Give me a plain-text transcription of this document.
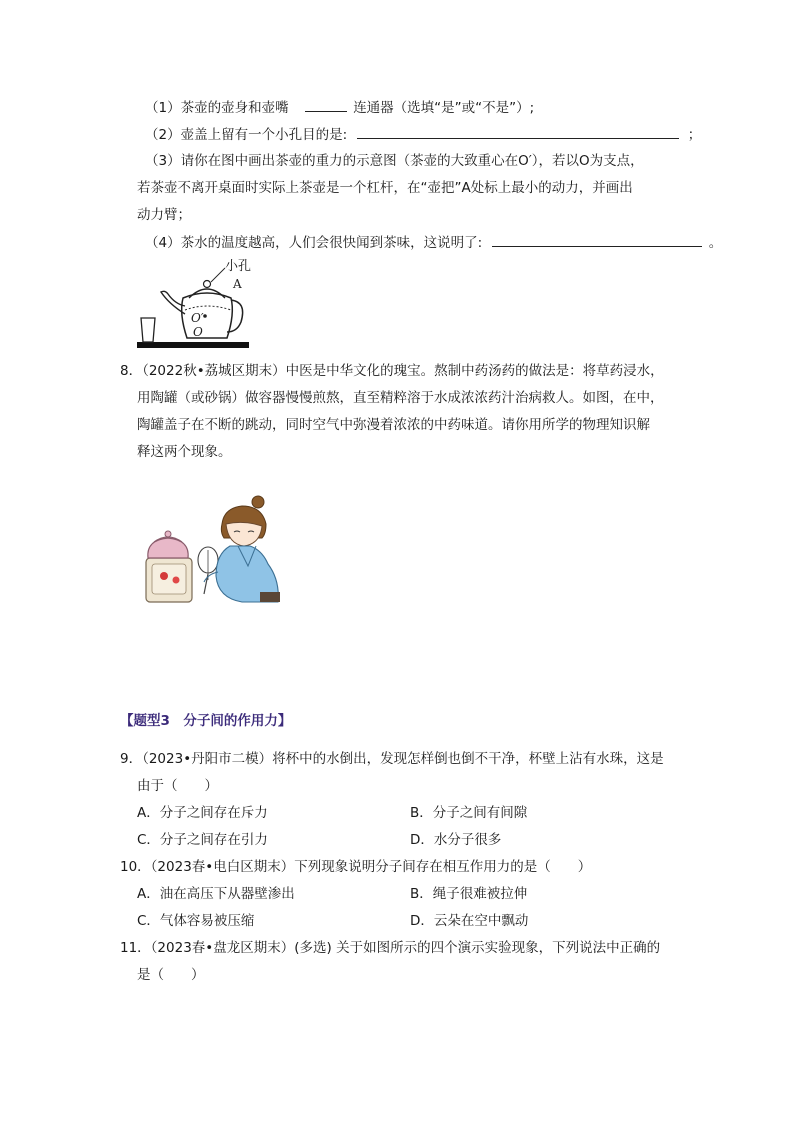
（1）茶壶的壶身和壶嘴	连通器（选填“是”或“不是”）;
（2）壶盖上留有一个小孔目的是:	；
（3）请你在图中画出茶壶的重力的示意图（茶壶的大致重心在O′），若以O为支点，
若茶壶不离开桌面时实际上茶壶是一个杠杆，在“壶把”A处标上最小的动力，并画出
动力臂；
（4）茶水的温度越高，人们会很快闻到茶味，这说明了:	。
小孔
A
O′
O
8．（2022秋•荔城区期末）中医是中华文化的瑰宝。熬制中药汤药的做法是：将草药浸水，
用陶罐（或砂锅）做容器慢慢煎熬，直至精粹溶于水成浓浓药汁治病救人。如图，在中，
陶罐盖子在不断的跳动，同时空气中弥漫着浓浓的中药味道。请你用所学的物理知识解
释这两个现象。
【题型3　分子间的作用力】
9．（2023•丹阳市二模）将杯中的水倒出，发现怎样倒也倒不干净，杯壁上沾有水珠，这是
由于（　　）
A．分子之间存在斥力	B．分子之间有间隙
C．分子之间存在引力	D．水分子很多
10．（2023春•电白区期末）下列现象说明分子间存在相互作用力的是（　　）
A．油在高压下从器壁渗出	B．绳子很难被拉伸
C．气体容易被压缩	D．云朵在空中飘动
11．（2023春•盘龙区期末）(多选) 关于如图所示的四个演示实验现象，下列说法中正确的
是（　　）
